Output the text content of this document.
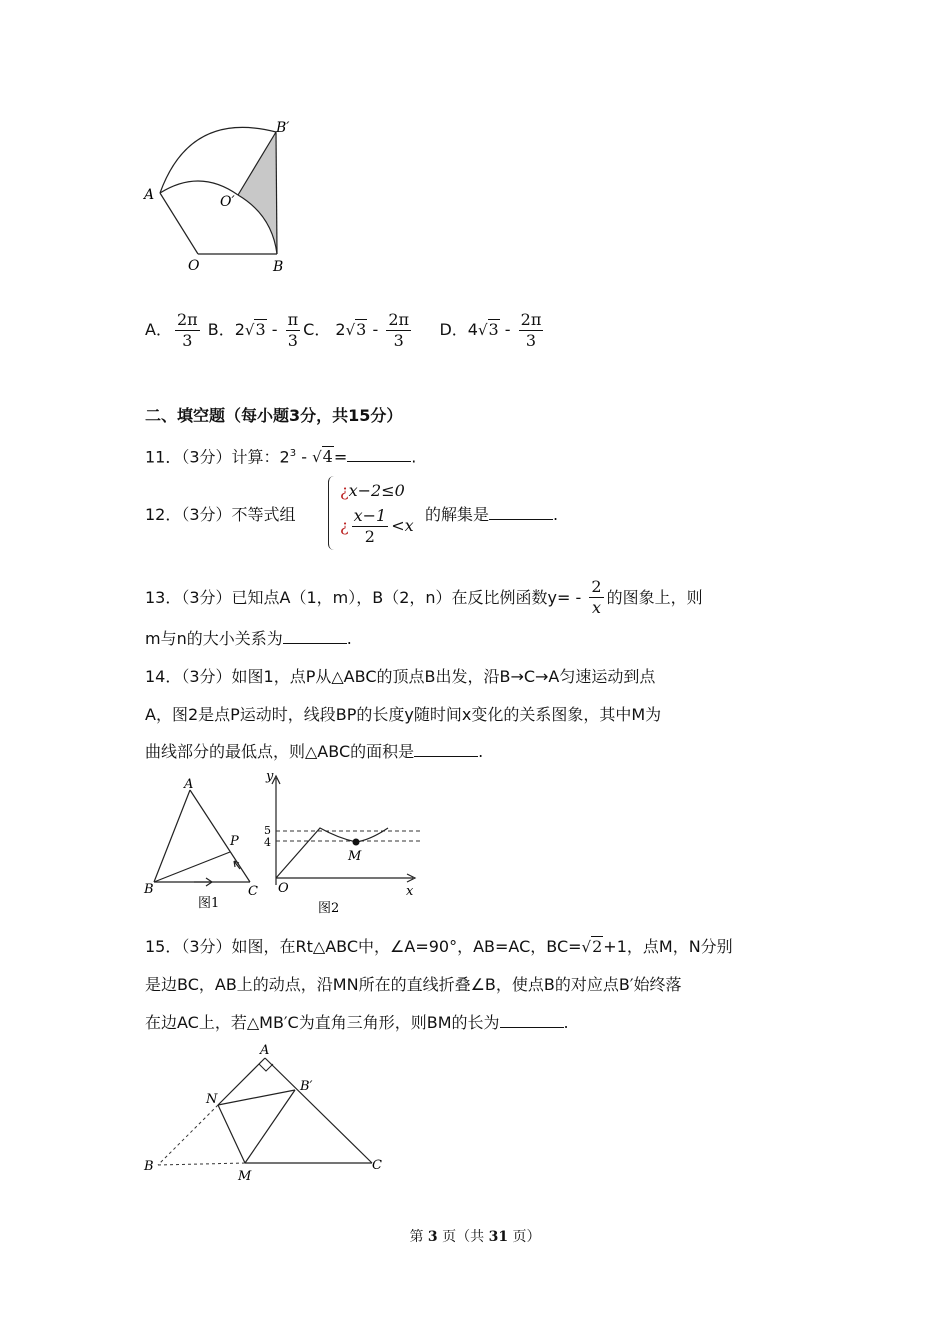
A	O′
B′
O	B
A． $\frac{2\pi}{3}$ B．$2√3 - \frac{\pi}{3}$ C． $2√3 - \frac{2\pi}{3}$ D．$4√3 - \frac{2\pi}{3}$
二、填空题（每小题3分，共15分）
11．（3分）计算：$2^3 - √4=$	.
12．（3分）不等式组
¿x−2≤0
¿ $\frac{x-1}{2} <x$
的解集是	.
13．（3分）已知点A（1，m），B（2，n）在反比例函数$y= - \frac{2}{x}$ 的图象上，则
m与n的大小关系为	.
14．（3分）如图1，点P从△ABC的顶点B出发，沿B→C→A匀速运动到点
A，图2是点P运动时，线段BP的长度y随时间x变化的关系图象，其中M为
曲线部分的最低点，则△ABC的面积是	.
A
P
B	C
图1
y
5
4
M
O	x
图2
15．（3分）如图，在Rt△ABC中，∠A=90°，AB=AC，BC=√2+1，点M，N分别
是边BC，AB上的动点，沿MN所在的直线折叠∠B，使点B的对应点B′始终落
在边AC上，若△MB′C为直角三角形，则BM的长为	.
A
B′
N
B
M
C
第 3 页（共 31 页）
